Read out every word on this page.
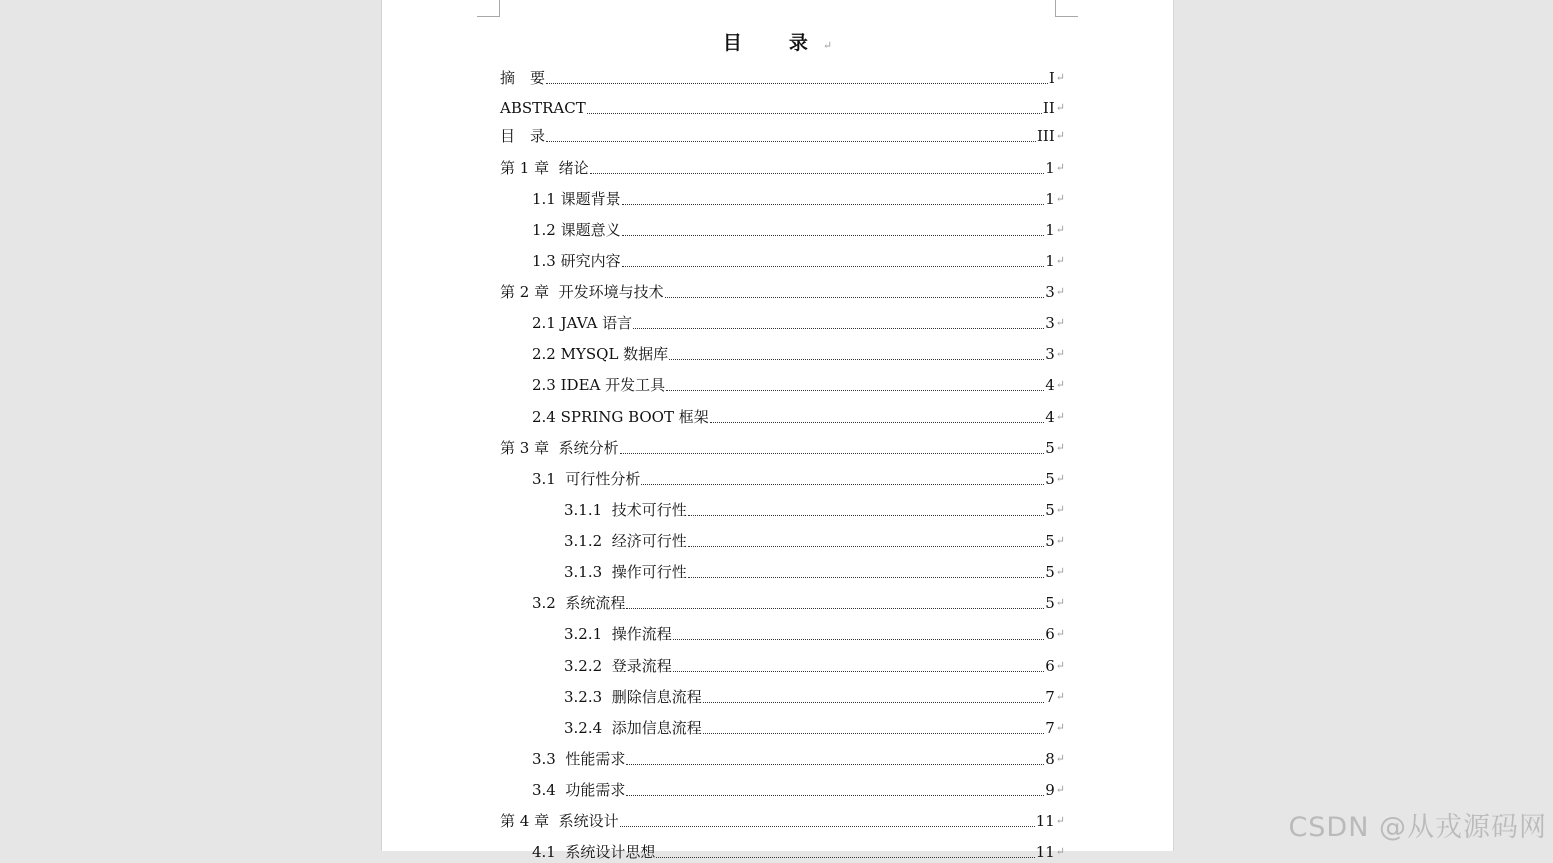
目　录↵
摘　要	I ↵
ABSTRACT	II ↵
目　录	III ↵
第 1 章  绪论	1 ↵
1.1 课题背景	1 ↵
1.2 课题意义	1 ↵
1.3 研究内容	1 ↵
第 2 章  开发环境与技术	3 ↵
2.1 JAVA 语言	3 ↵
2.2 MYSQL 数据库	3 ↵
2.3 IDEA 开发工具	4 ↵
2.4 SPRING BOOT 框架	4 ↵
第 3 章  系统分析	5 ↵
3.1  可行性分析	5 ↵
3.1.1  技术可行性	5 ↵
3.1.2  经济可行性	5 ↵
3.1.3  操作可行性	5 ↵
3.2  系统流程	5 ↵
3.2.1  操作流程	6 ↵
3.2.2  登录流程	6 ↵
3.2.3  删除信息流程	7 ↵
3.2.4  添加信息流程	7 ↵
3.3  性能需求	8 ↵
3.4  功能需求	9 ↵
第 4 章  系统设计	11 ↵
4.1  系统设计思想	11 ↵
CSDN @从戎源码网
